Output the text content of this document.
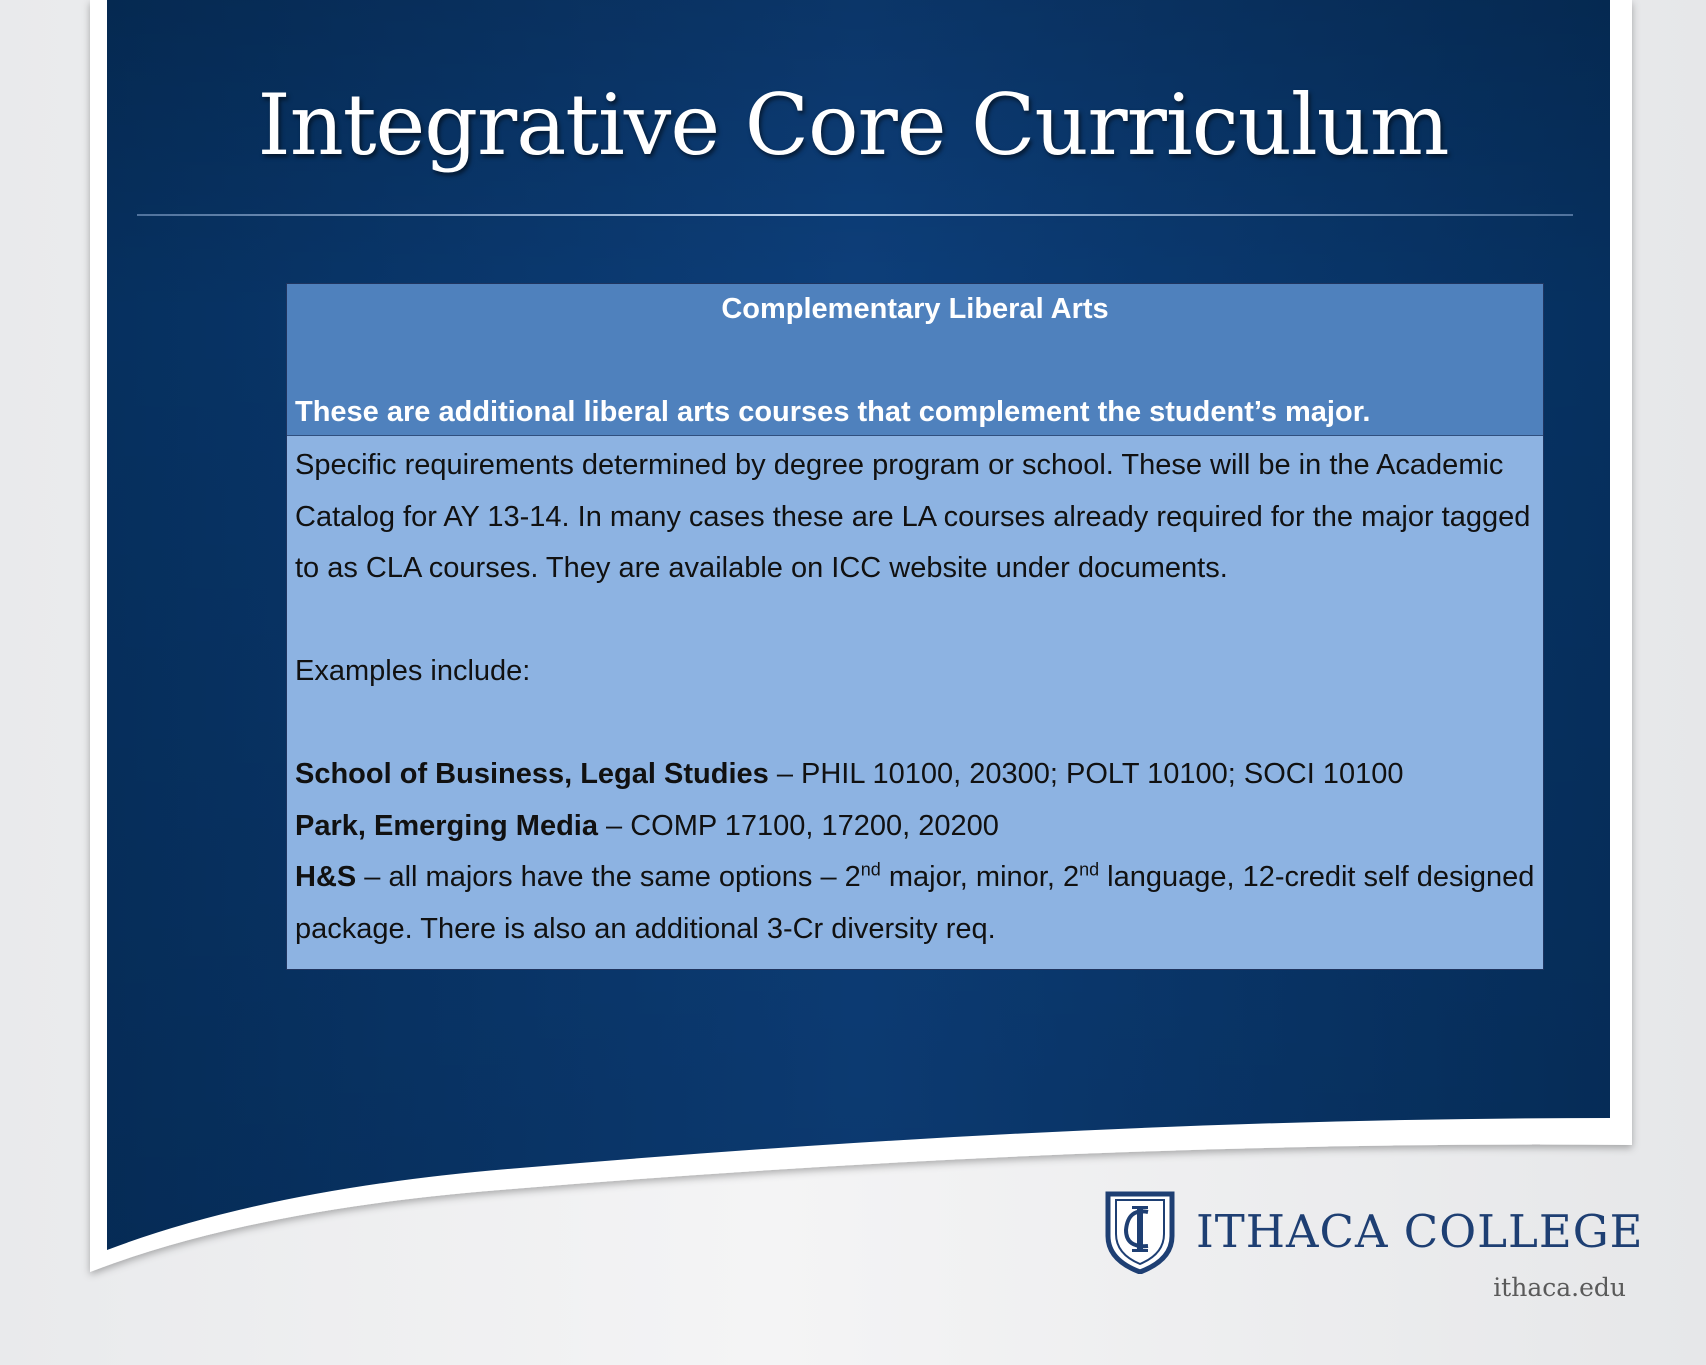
Integrative Core Curriculum
Complementary Liberal Arts
These are additional liberal arts courses that complement the student’s major.

Specific requirements determined by degree program or school. These will be in the Academic Catalog for AY 13-14. In many cases these are LA courses already required for the major tagged to as CLA courses. They are available on ICC website under documents.

Examples include:

School of Business, Legal Studies – PHIL 10100, 20300; POLT 10100; SOCI 10100

Park, Emerging Media – COMP 17100, 17200, 20200

H&S – all majors have the same options – 2nd major, minor, 2nd language, 12-credit self designed package. There is also an additional 3-Cr diversity req.

ITHACA COLLEGE
ithaca.edu
